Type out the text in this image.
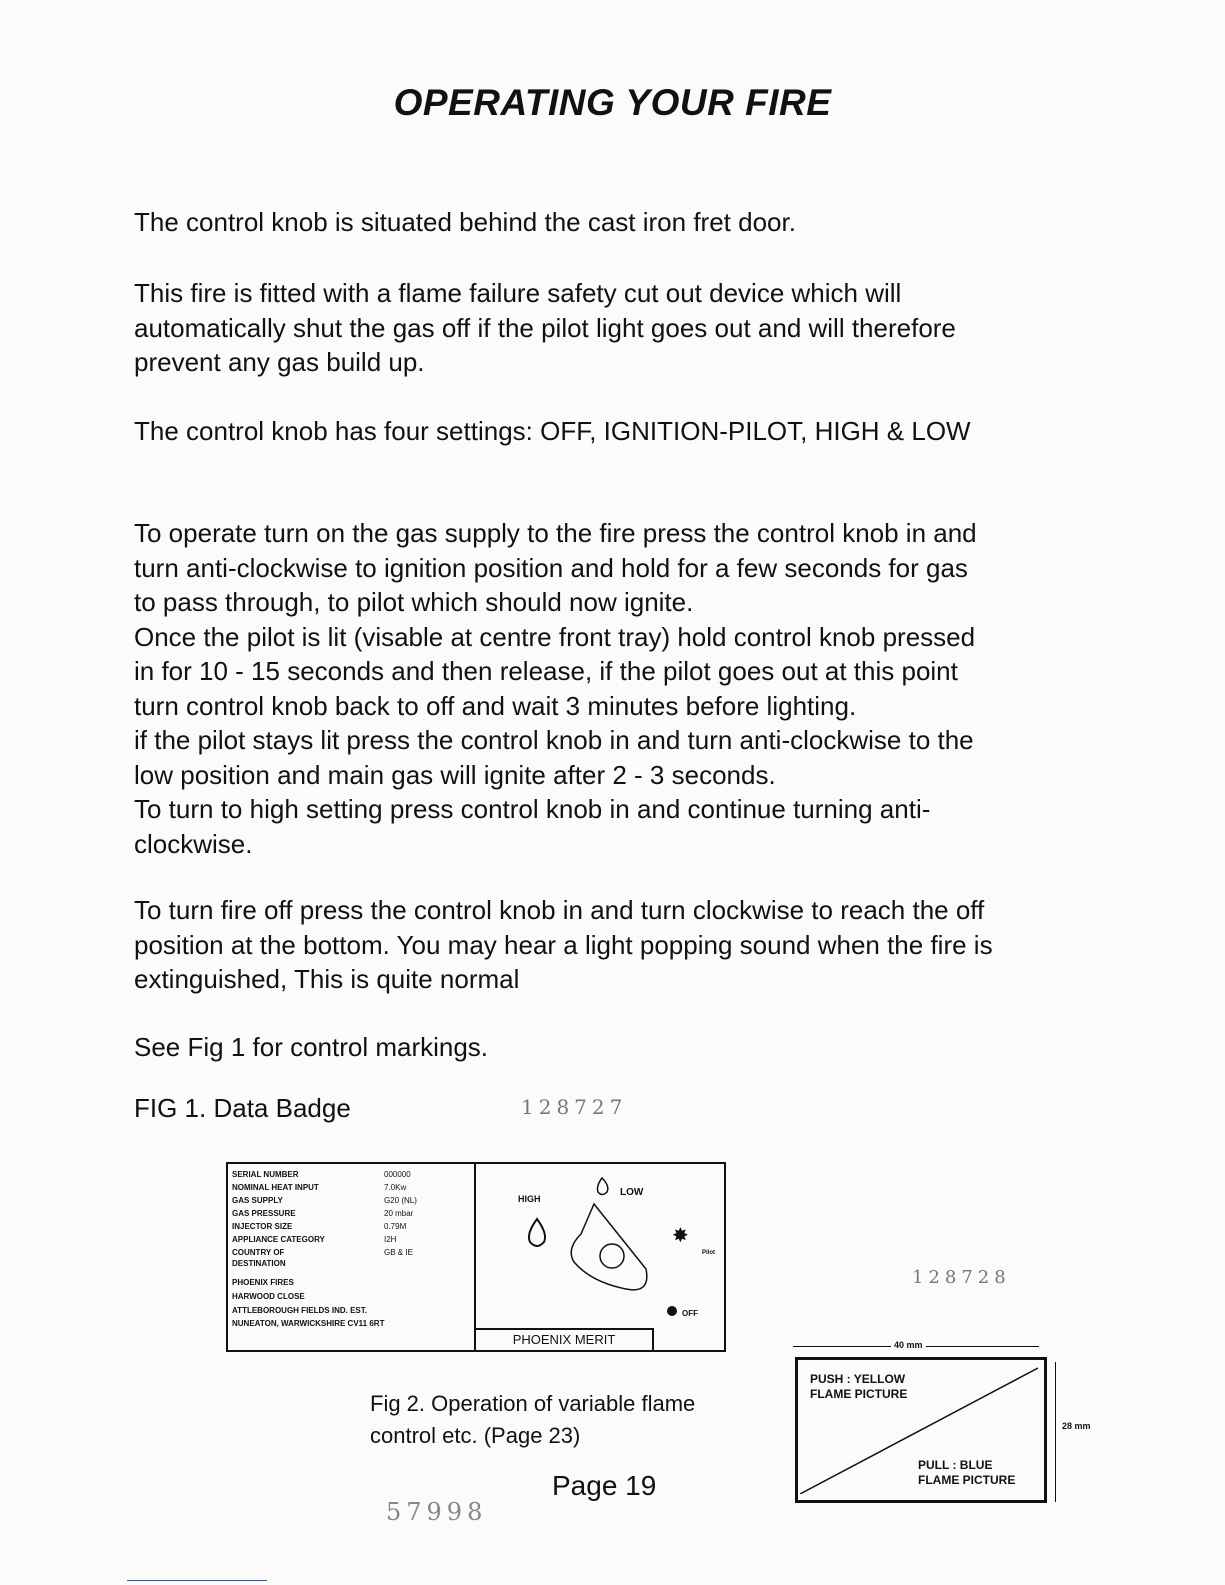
OPERATING YOUR FIRE
The control knob is situated behind the cast iron fret door.
This fire is fitted with a flame failure safety cut out device which will
automatically shut the gas off if the pilot light goes out and will therefore
prevent any gas build up.
The control knob has four settings: OFF, IGNITION-PILOT, HIGH & LOW
To operate turn on the gas supply to the fire press the control knob in and
turn anti-clockwise to ignition position and hold for a few seconds for gas
to pass through, to pilot which should now ignite.
Once the pilot is lit (visable at centre front tray) hold control knob pressed
in for 10 - 15 seconds and then release, if the pilot goes out at this point
turn control knob back to off and wait 3 minutes before lighting.
if the pilot stays lit press the control knob in and turn anti-clockwise to the
low position and main gas will ignite after 2 - 3 seconds.
To turn to high setting press control knob in and continue turning anti-
clockwise.
To turn fire off press the control knob in and turn clockwise to reach the off
position at the bottom. You may hear a light popping sound when the fire is
extinguished, This is quite normal
See Fig 1 for control markings.
FIG 1. Data Badge	128727
SERIAL NUMBER	000000
NOMINAL HEAT INPUT	7.0Kw
GAS SUPPLY	G20 (NL)
GAS PRESSURE	20 mbar
INJECTOR SIZE	0.79M
APPLIANCE CATEGORY	I2H
COUNTRY OF	GB & IE
DESTINATION
PHOENIX FIRES
HARWOOD CLOSE
ATTLEBOROUGH FIELDS IND. EST.
NUNEATON, WARWICKSHIRE CV11 6RT
HIGH
LOW
✸
Pilot
OFF
PHOENIX MERIT
128728
Fig 2. Operation of variable flame
control etc. (Page 23)
40 mm
PUSH : YELLOW
FLAME PICTURE
PULL : BLUE
FLAME PICTURE
28 mm
Page 19
57998
